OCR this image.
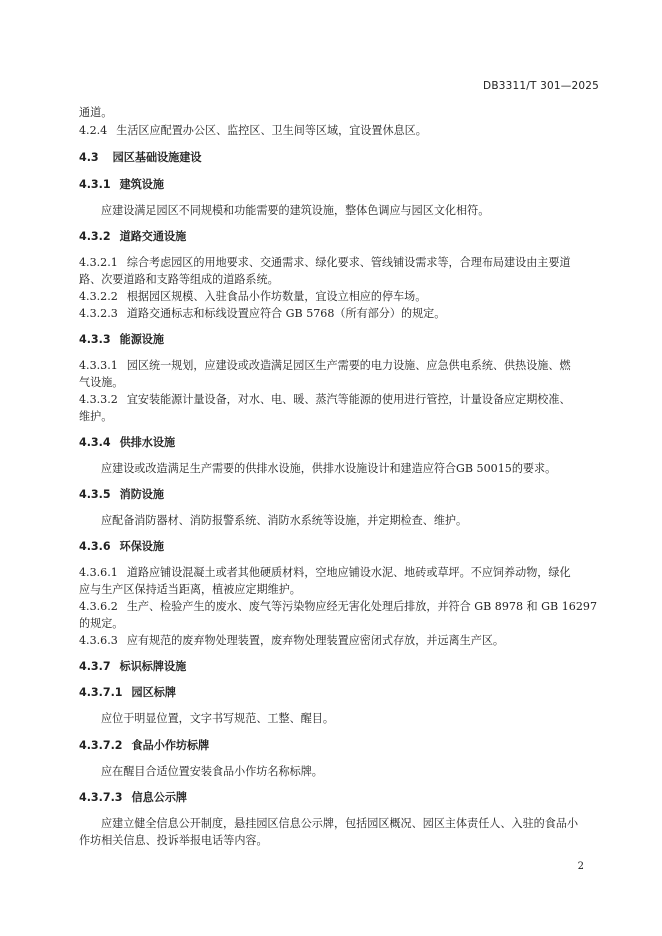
DB3311/T 301—2025
通道。
4.2.4 生活区应配置办公区、监控区、卫生间等区域，宜设置休息区。
4.3 园区基础设施建设
4.3.1 建筑设施
应建设满足园区不同规模和功能需要的建筑设施，整体色调应与园区文化相符。
4.3.2 道路交通设施
4.3.2.1 综合考虑园区的用地要求、交通需求、绿化要求、管线铺设需求等，合理布局建设由主要道
路、次要道路和支路等组成的道路系统。
4.3.2.2 根据园区规模、入驻食品小作坊数量，宜设立相应的停车场。
4.3.2.3 道路交通标志和标线设置应符合 GB 5768（所有部分）的规定。
4.3.3 能源设施
4.3.3.1 园区统一规划，应建设或改造满足园区生产需要的电力设施、应急供电系统、供热设施、燃
气设施。
4.3.3.2 宜安装能源计量设备，对水、电、暖、蒸汽等能源的使用进行管控，计量设备应定期校准、
维护。
4.3.4 供排水设施
应建设或改造满足生产需要的供排水设施，供排水设施设计和建造应符合GB 50015的要求。
4.3.5 消防设施
应配备消防器材、消防报警系统、消防水系统等设施，并定期检查、维护。
4.3.6 环保设施
4.3.6.1 道路应铺设混凝土或者其他硬质材料，空地应铺设水泥、地砖或草坪。不应饲养动物，绿化
应与生产区保持适当距离，植被应定期维护。
4.3.6.2 生产、检验产生的废水、废气等污染物应经无害化处理后排放，并符合 GB 8978 和 GB 16297
的规定。
4.3.6.3 应有规范的废弃物处理装置，废弃物处理装置应密闭式存放，并远离生产区。
4.3.7 标识标牌设施
4.3.7.1 园区标牌
应位于明显位置，文字书写规范、工整、醒目。
4.3.7.2 食品小作坊标牌
应在醒目合适位置安装食品小作坊名称标牌。
4.3.7.3 信息公示牌
应建立健全信息公开制度，悬挂园区信息公示牌，包括园区概况、园区主体责任人、入驻的食品小
作坊相关信息、投诉举报电话等内容。
2
